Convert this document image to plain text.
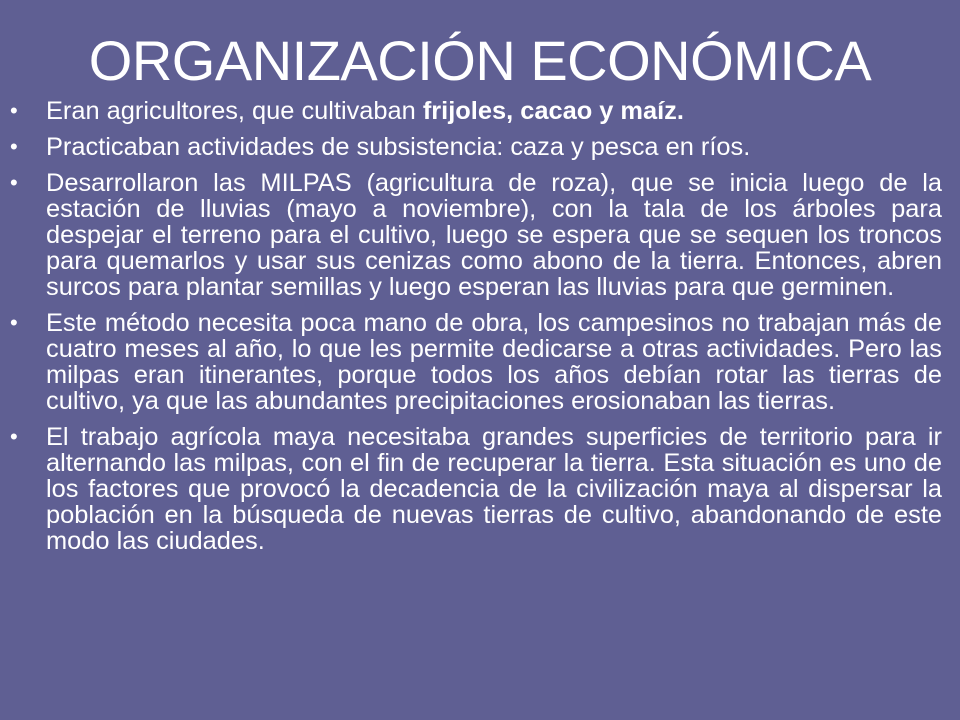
ORGANIZACIÓN ECONÓMICA
• Eran agricultores, que cultivaban frijoles, cacao y maíz.
• Practicaban actividades de subsistencia: caza y pesca en ríos.
• Desarrollaron las MILPAS (agricultura de roza), que se inicia luego de la estación de lluvias (mayo a noviembre), con la tala de los árboles para despejar el terreno para el cultivo, luego se espera que se sequen los troncos para quemarlos y usar sus cenizas como abono de la tierra. Entonces, abren surcos para plantar semillas y luego esperan las lluvias para que germinen.
• Este método necesita poca mano de obra, los campesinos no trabajan más de cuatro meses al año, lo que les permite dedicarse a otras actividades. Pero las milpas eran itinerantes, porque todos los años debían rotar las tierras de cultivo, ya que las abundantes precipitaciones erosionaban las tierras.
• El trabajo agrícola maya necesitaba grandes superficies de territorio para ir alternando las milpas, con el fin de recuperar la tierra. Esta situación es uno de los factores que provocó la decadencia de la civilización maya al dispersar la población en la búsqueda de nuevas tierras de cultivo, abandonando de este modo las ciudades.
